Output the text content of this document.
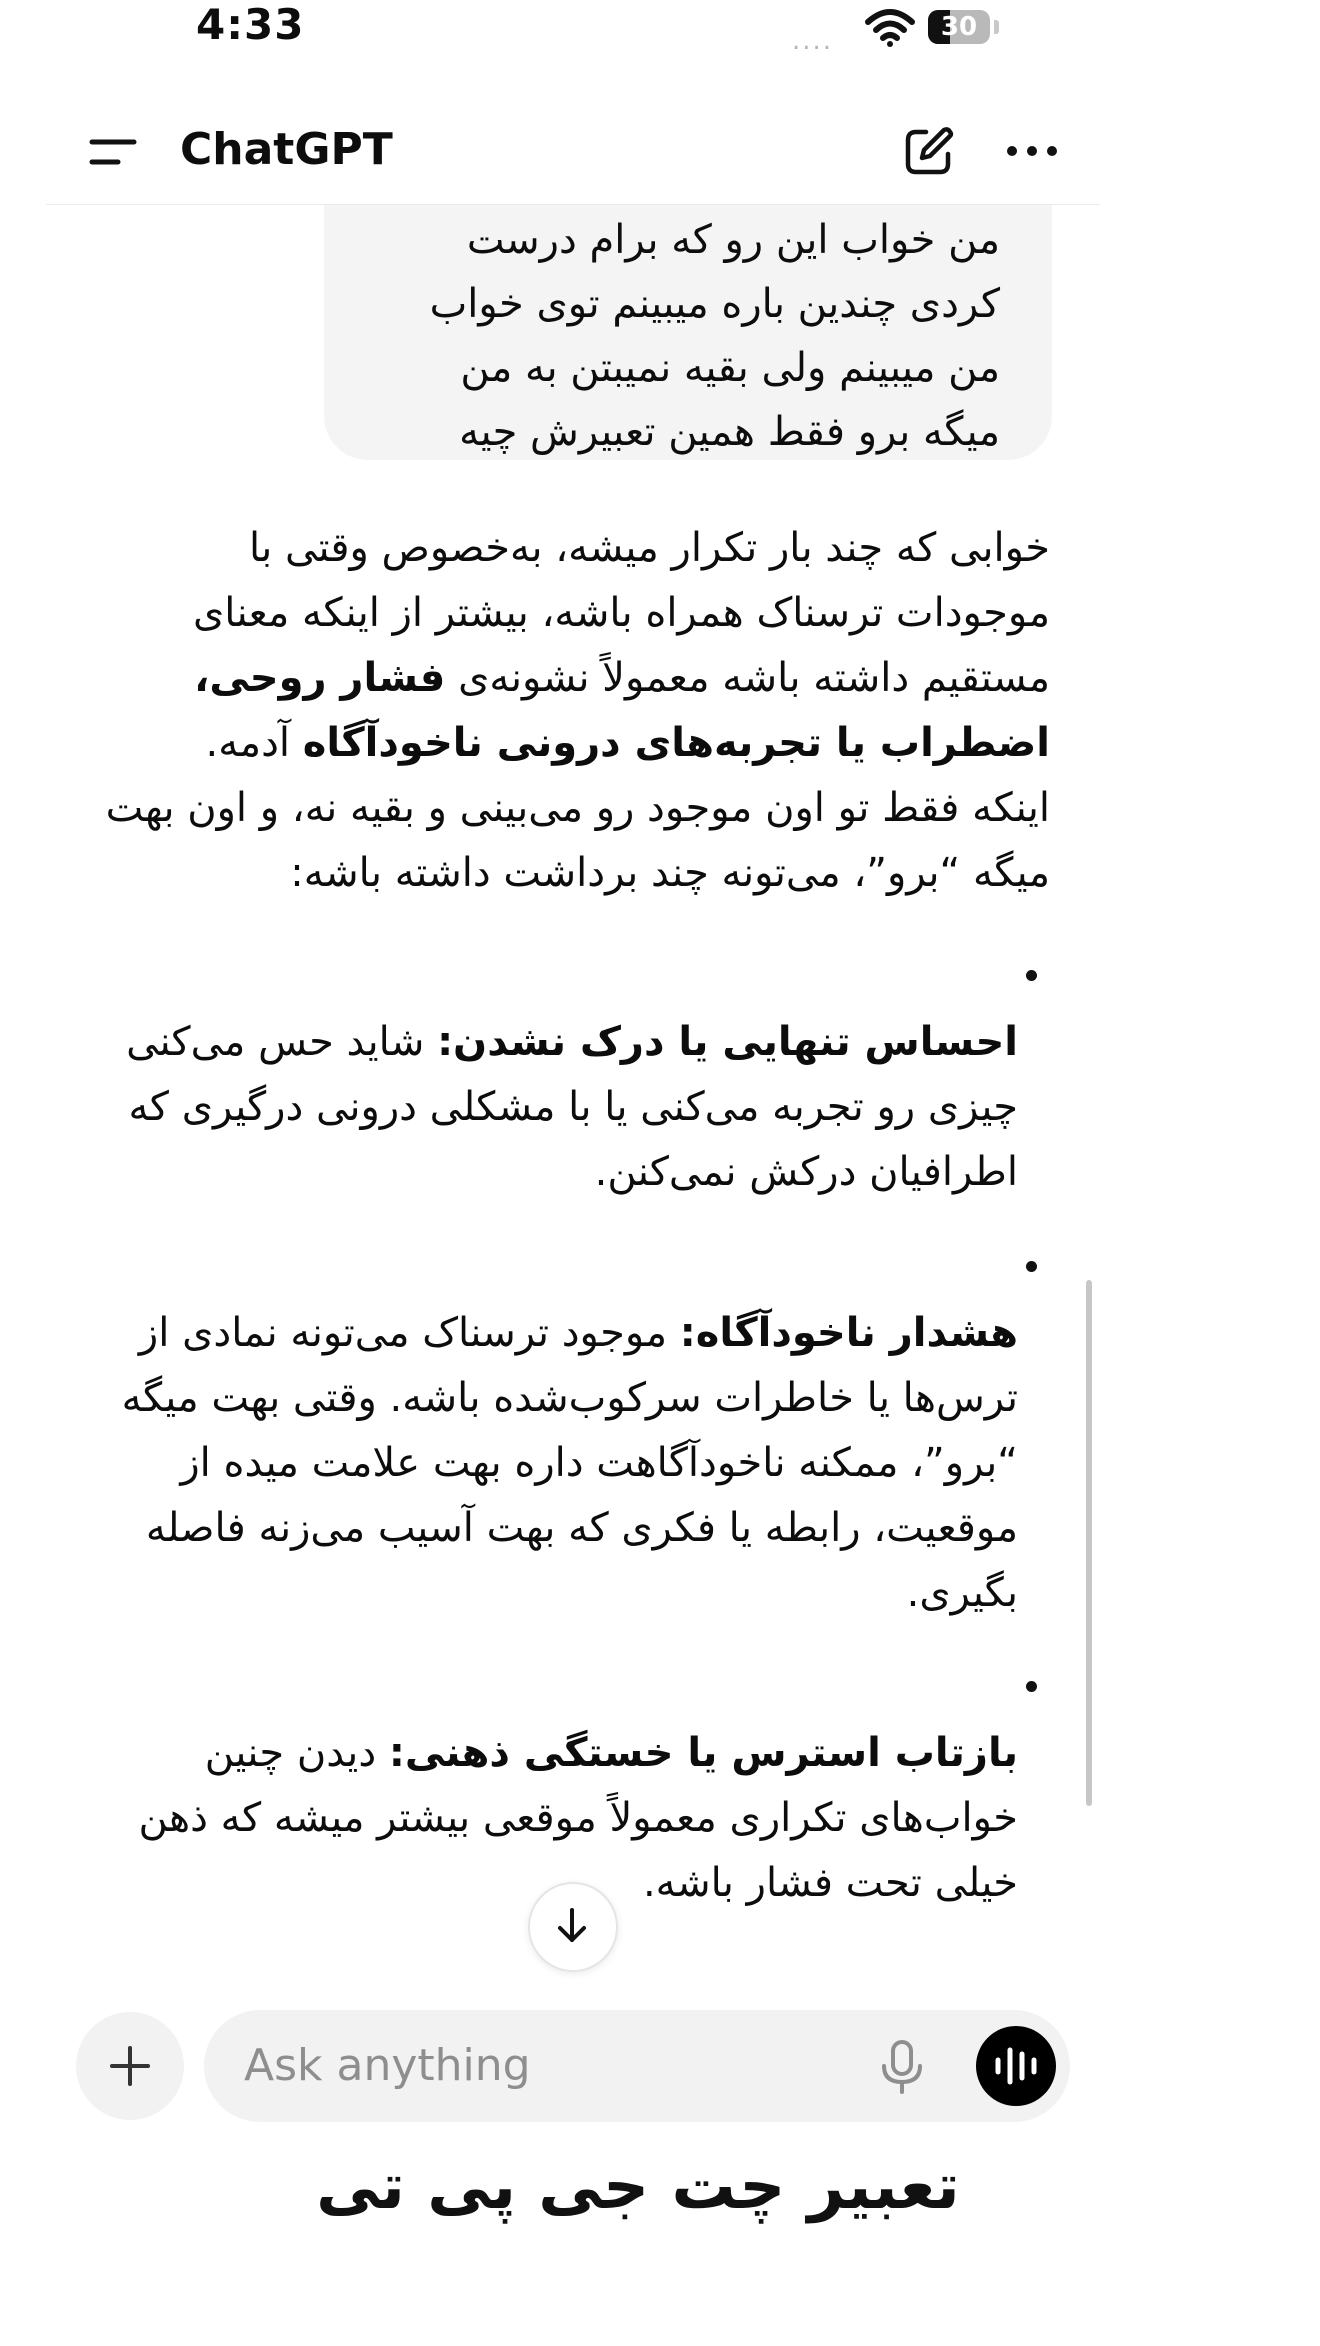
4:33	....	30
ChatGPT
من خواب این رو که برام درست
کردی چندین باره میبینم توی خواب
من میبینم ولی بقیه نمیبتن به من
میگه برو فقط همین تعبیرش چیه
خوابی که چند بار تکرار میشه، به‌خصوص وقتی با موجودات ترسناک همراه باشه، بیشتر از اینکه معنای مستقیم داشته باشه معمولاً نشونه‌ی فشار روحی، اضطراب یا تجربه‌های درونی ناخودآگاه آدمه.
اینکه فقط تو اون موجود رو می‌بینی و بقیه نه، و اون بهت میگه “برو”، می‌تونه چند برداشت داشته باشه:
احساس تنهایی یا درک نشدن: شاید حس می‌کنی چیزی رو تجربه می‌کنی یا با مشکلی درونی درگیری که اطرافیان درکش نمی‌کنن.
هشدار ناخودآگاه: موجود ترسناک می‌تونه نمادی از ترس‌ها یا خاطرات سرکوب‌شده باشه. وقتی بهت میگه “برو”، ممکنه ناخودآگاهت داره بهت علامت میده از موقعیت، رابطه یا فکری که بهت آسیب می‌زنه فاصله بگیری.
بازتاب استرس یا خستگی ذهنی: دیدن چنین خواب‌های تکراری معمولاً موقعی بیشتر میشه که ذهن خیلی تحت فشار باشه.
Ask anything
تعبیر چت جی پی تی
